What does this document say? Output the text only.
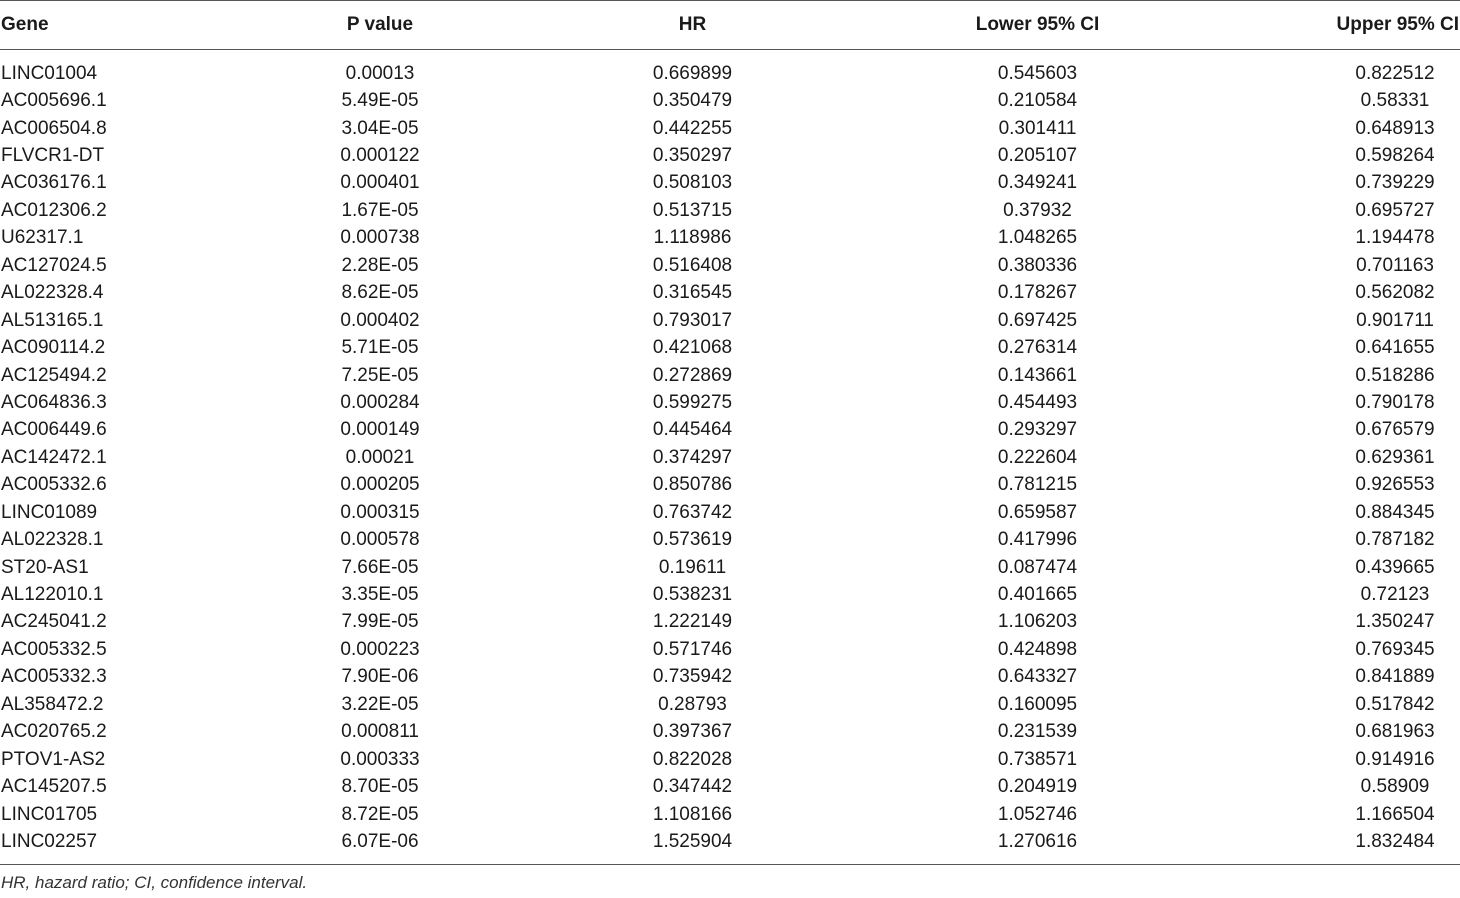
Gene	P value	HR	Lower 95% CI	Upper 95% CI
LINC01004	0.00013	0.669899	0.545603	0.822512
AC005696.1	5.49E-05	0.350479	0.210584	0.58331
AC006504.8	3.04E-05	0.442255	0.301411	0.648913
FLVCR1-DT	0.000122	0.350297	0.205107	0.598264
AC036176.1	0.000401	0.508103	0.349241	0.739229
AC012306.2	1.67E-05	0.513715	0.37932	0.695727
U62317.1	0.000738	1.118986	1.048265	1.194478
AC127024.5	2.28E-05	0.516408	0.380336	0.701163
AL022328.4	8.62E-05	0.316545	0.178267	0.562082
AL513165.1	0.000402	0.793017	0.697425	0.901711
AC090114.2	5.71E-05	0.421068	0.276314	0.641655
AC125494.2	7.25E-05	0.272869	0.143661	0.518286
AC064836.3	0.000284	0.599275	0.454493	0.790178
AC006449.6	0.000149	0.445464	0.293297	0.676579
AC142472.1	0.00021	0.374297	0.222604	0.629361
AC005332.6	0.000205	0.850786	0.781215	0.926553
LINC01089	0.000315	0.763742	0.659587	0.884345
AL022328.1	0.000578	0.573619	0.417996	0.787182
ST20-AS1	7.66E-05	0.19611	0.087474	0.439665
AL122010.1	3.35E-05	0.538231	0.401665	0.72123
AC245041.2	7.99E-05	1.222149	1.106203	1.350247
AC005332.5	0.000223	0.571746	0.424898	0.769345
AC005332.3	7.90E-06	0.735942	0.643327	0.841889
AL358472.2	3.22E-05	0.28793	0.160095	0.517842
AC020765.2	0.000811	0.397367	0.231539	0.681963
PTOV1-AS2	0.000333	0.822028	0.738571	0.914916
AC145207.5	8.70E-05	0.347442	0.204919	0.58909
LINC01705	8.72E-05	1.108166	1.052746	1.166504
LINC02257	6.07E-06	1.525904	1.270616	1.832484
HR, hazard ratio; CI, confidence interval.
